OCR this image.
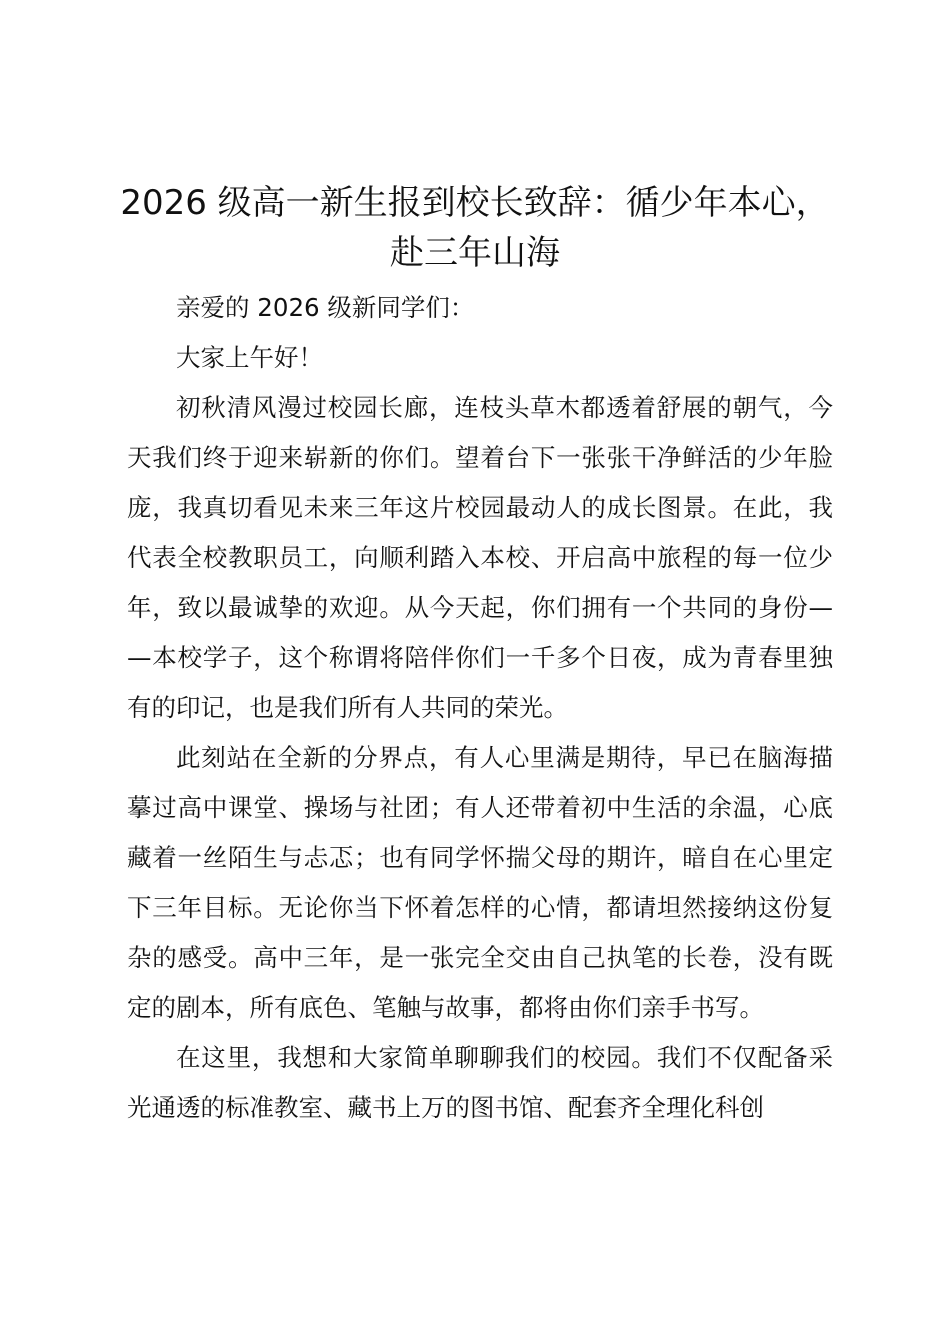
2026 级高一新生报到校长致辞：循少年本心，赴三年山海

亲爱的 2026 级新同学们：

大家上午好！

初秋清风漫过校园长廊，连枝头草木都透着舒展的朝气，今天我们终于迎来崭新的你们。望着台下一张张干净鲜活的少年脸庞，我真切看见未来三年这片校园最动人的成长图景。在此，我代表全校教职员工，向顺利踏入本校、开启高中旅程的每一位少年，致以最诚挚的欢迎。从今天起，你们拥有一个共同的身份——本校学子，这个称谓将陪伴你们一千多个日夜，成为青春里独有的印记，也是我们所有人共同的荣光。

此刻站在全新的分界点，有人心里满是期待，早已在脑海描摹过高中课堂、操场与社团；有人还带着初中生活的余温，心底藏着一丝陌生与忐忑；也有同学怀揣父母的期许，暗自在心里定下三年目标。无论你当下怀着怎样的心情，都请坦然接纳这份复杂的感受。高中三年，是一张完全交由自己执笔的长卷，没有既定的剧本，所有底色、笔触与故事，都将由你们亲手书写。

在这里，我想和大家简单聊聊我们的校园。我们不仅配备采光通透的标准教室、藏书上万的图书馆、配套齐全理化科创
